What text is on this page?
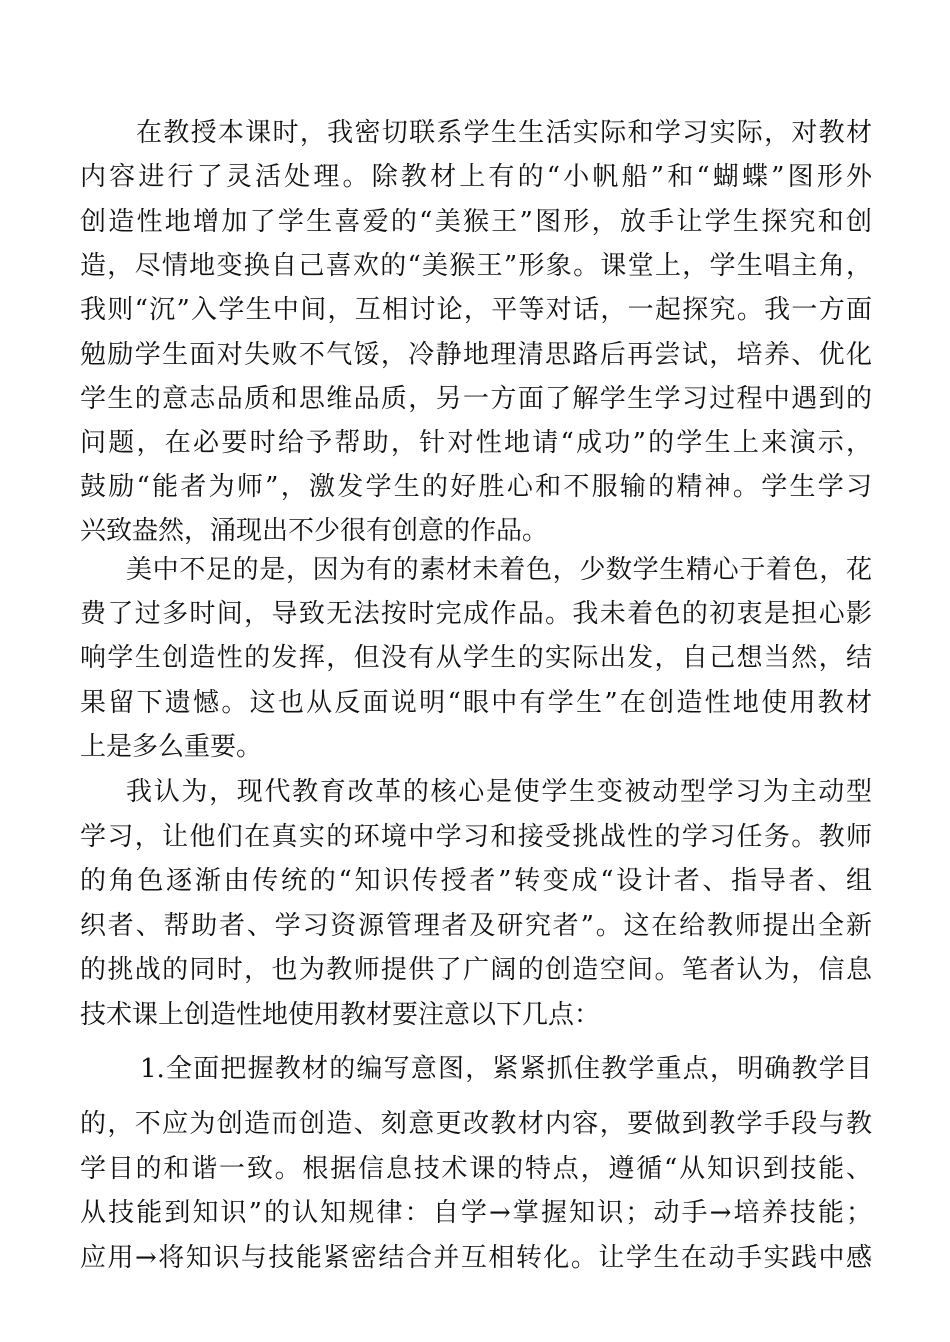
在教授本课时，我密切联系学生生活实际和学习实际，对教材
内容进行了灵活处理。除教材上有的“小帆船”和“蝴蝶”图形外
创造性地增加了学生喜爱的“美猴王”图形，放手让学生探究和创
造，尽情地变换自己喜欢的“美猴王”形象。课堂上，学生唱主角，
我则“沉”入学生中间，互相讨论，平等对话，一起探究。我一方面
勉励学生面对失败不气馁，冷静地理清思路后再尝试，培养、优化
学生的意志品质和思维品质，另一方面了解学生学习过程中遇到的
问题，在必要时给予帮助，针对性地请“成功”的学生上来演示，
鼓励“能者为师”，激发学生的好胜心和不服输的精神。学生学习
兴致盎然，涌现出不少很有创意的作品。
美中不足的是，因为有的素材未着色，少数学生精心于着色，花
费了过多时间，导致无法按时完成作品。我未着色的初衷是担心影
响学生创造性的发挥，但没有从学生的实际出发，自己想当然，结
果留下遗憾。这也从反面说明“眼中有学生”在创造性地使用教材
上是多么重要。
我认为，现代教育改革的核心是使学生变被动型学习为主动型
学习，让他们在真实的环境中学习和接受挑战性的学习任务。教师
的角色逐渐由传统的“知识传授者”转变成“设计者、指导者、组
织者、帮助者、学习资源管理者及研究者”。这在给教师提出全新
的挑战的同时，也为教师提供了广阔的创造空间。笔者认为，信息
技术课上创造性地使用教材要注意以下几点：
1.全面把握教材的编写意图，紧紧抓住教学重点，明确教学目
的，不应为创造而创造、刻意更改教材内容，要做到教学手段与教
学目的和谐一致。根据信息技术课的特点，遵循“从知识到技能、
从技能到知识”的认知规律：自学→掌握知识；动手→培养技能；
应用→将知识与技能紧密结合并互相转化。让学生在动手实践中感
